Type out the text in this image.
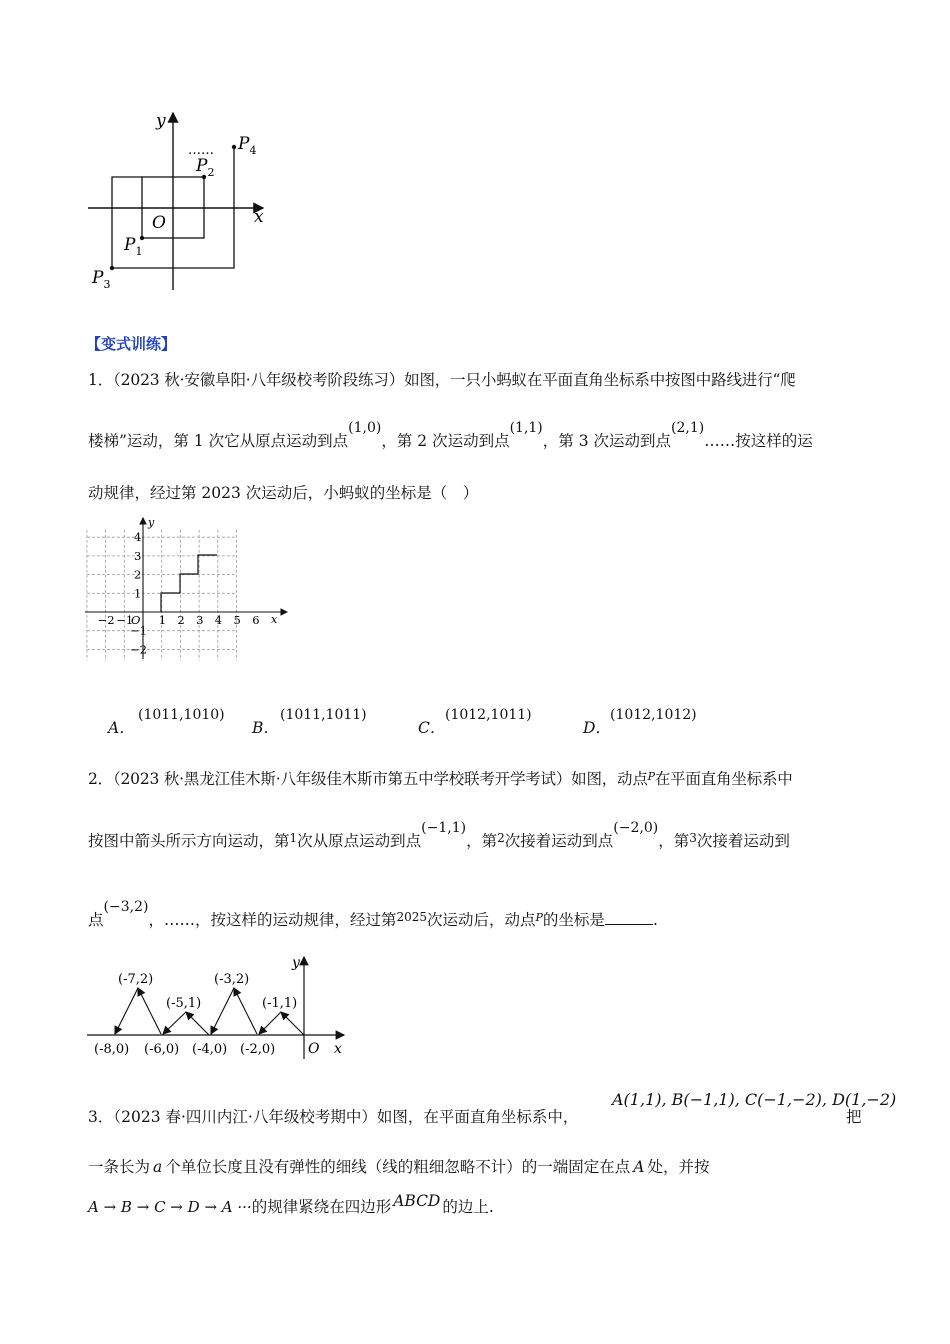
y
x
O
……
$P_1$
$P_2$
$P_3$
$P_4$
【变式训练】
1．（2023 秋·安徽阜阳·八年级校考阶段练习）如图，一只小蚂蚁在平面直角坐标系中按图中路线进行“爬
楼梯”运动，第 1 次它从原点运动到点(1,0)，第 2 次运动到点(1,1)，第 3 次运动到点(2,1)……按这样的运
动规律，经过第 2023 次运动后，小蚂蚁的坐标是（　）
x
y
−2 −1
O 1 2 3 4 5 6
4
3
2
1
−1
−2
A．
(1011,1010)
B．
(1011,1011)
C．
(1012,1011)
D．
(1012,1012)
2．（2023 秋·黑龙江佳木斯·八年级佳木斯市第五中学校联考开学考试）如图，动点$^P$在平面直角坐标系中
按图中箭头所示方向运动，第$^1$次从原点运动到点(−1,1)，第$^2$次接着运动到点(−2,0)，第$^3$次接着运动到
点(−3,2)，……，按这样的运动规律，经过第$^{2025}$次运动后，动点$^P$的坐标是	.
(-7,2)
(-5,1)
(-3,2)
(-1,1)
(-8,0) (-6,0) (-4,0) (-2,0) O x
y
3．（2023 春·四川内江·八年级校考期中）如图，在平面直角坐标系中，
A(1,1), B(−1,1), C(−1,−2), D(1,−2)
把
一条长为 a 个单位长度且没有弹性的细线（线的粗细忽略不计）的一端固定在点 A 处，并按
A → B → C → D → A ···的规律紧绕在四边形 ABCD 的边上.
